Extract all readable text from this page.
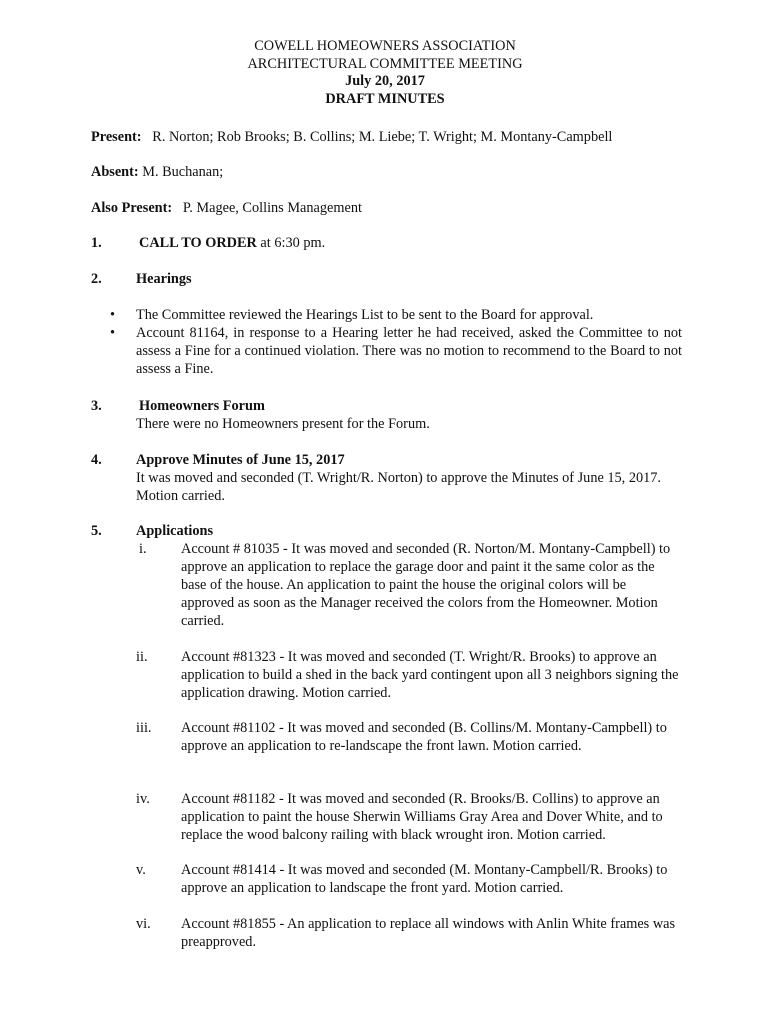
COWELL HOMEOWNERS ASSOCIATION
ARCHITECTURAL COMMITTEE MEETING
July 20, 2017
DRAFT MINUTES
Present: R. Norton; Rob Brooks; B. Collins; M. Liebe; T. Wright; M. Montany-Campbell
Absent: M. Buchanan;
Also Present: P. Magee, Collins Management
1.	CALL TO ORDER at 6:30 pm.
2. Hearings
•	The Committee reviewed the Hearings List to be sent to the Board for approval.
•	Account 81164, in response to a Hearing letter he had received, asked the Committee to not assess a Fine for a continued violation. There was no motion to recommend to the Board to not assess a Fine.
3.	Homeowners Forum
There were no Homeowners present for the Forum.
4. Approve Minutes of June 15, 2017
It was moved and seconded (T. Wright/R. Norton) to approve the Minutes of June 15, 2017. Motion carried.
5. Applications
i. Account # 81035 - It was moved and seconded (R. Norton/M. Montany-Campbell) to approve an application to replace the garage door and paint it the same color as the base of the house. An application to paint the house the original colors will be approved as soon as the Manager received the colors from the Homeowner. Motion carried.
ii. Account #81323 - It was moved and seconded (T. Wright/R. Brooks) to approve an application to build a shed in the back yard contingent upon all 3 neighbors signing the application drawing. Motion carried.
iii. Account #81102 - It was moved and seconded (B. Collins/M. Montany-Campbell) to approve an application to re-landscape the front lawn. Motion carried.
iv. Account #81182 - It was moved and seconded (R. Brooks/B. Collins) to approve an application to paint the house Sherwin Williams Gray Area and Dover White, and to replace the wood balcony railing with black wrought iron. Motion carried.
v. Account #81414 - It was moved and seconded (M. Montany-Campbell/R. Brooks) to approve an application to landscape the front yard. Motion carried.
vi. Account #81855 - An application to replace all windows with Anlin White frames was preapproved.
